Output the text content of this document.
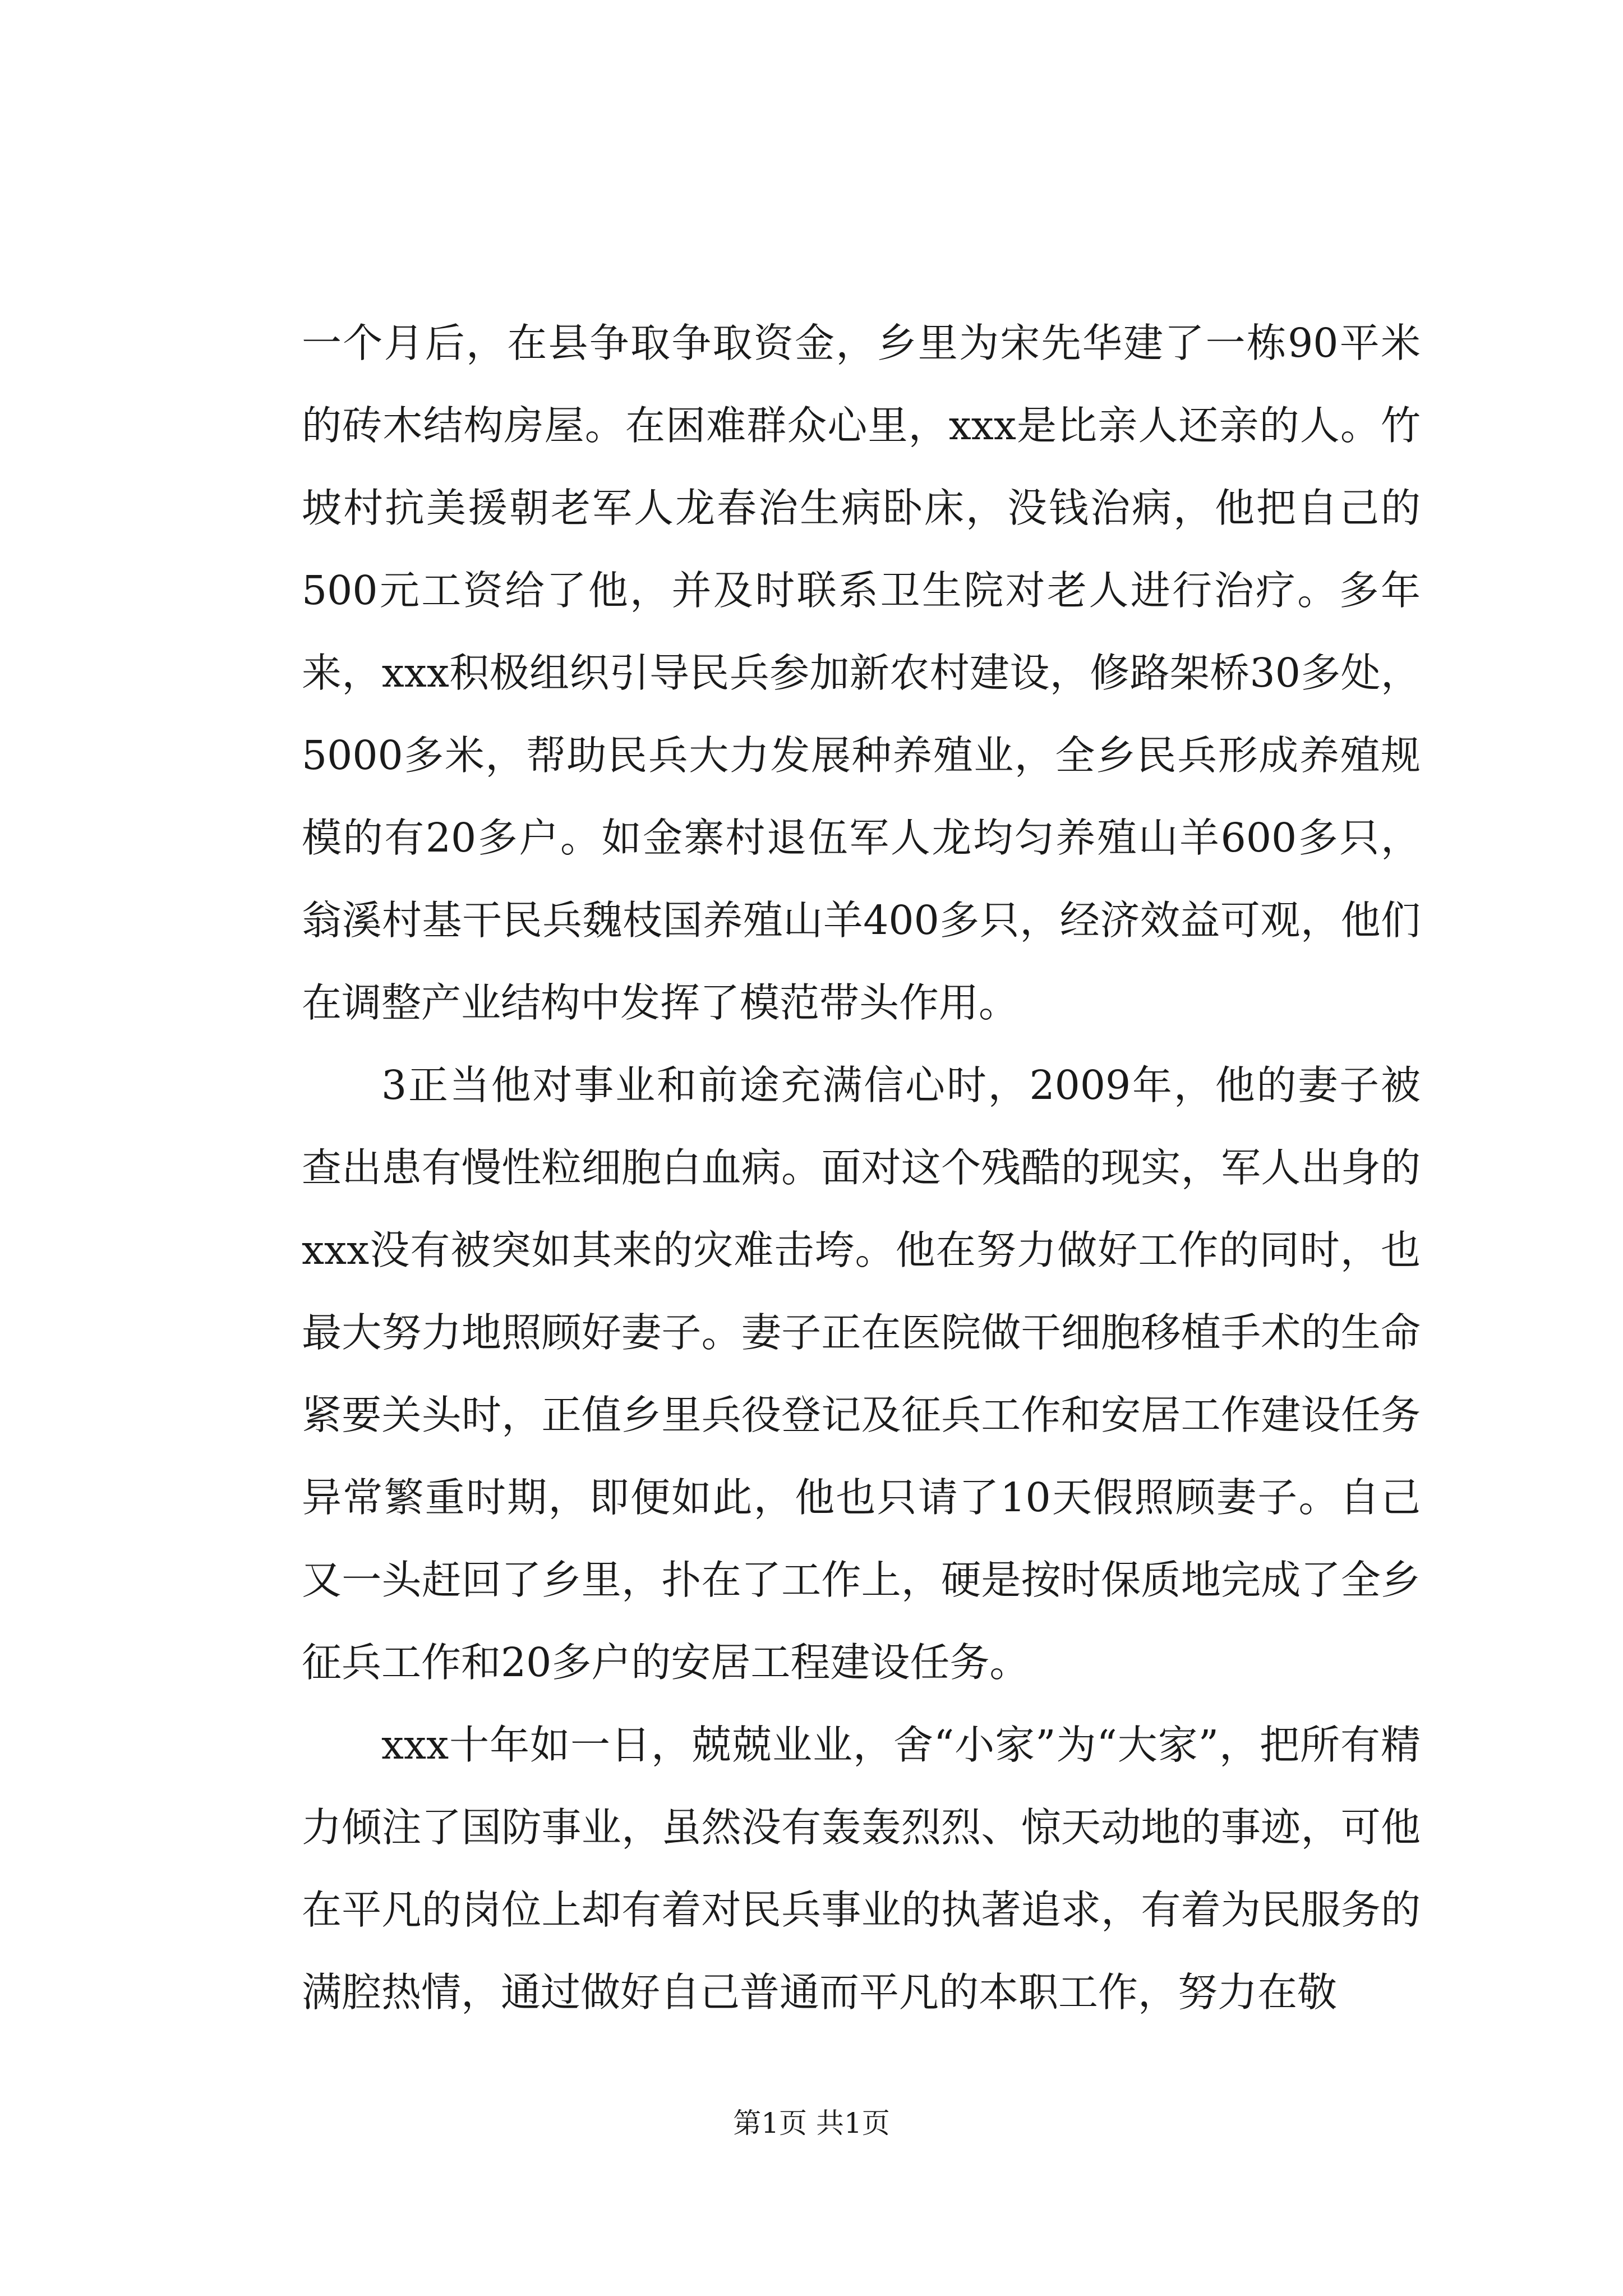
一个月后，在县争取争取资金，乡里为宋先华建了一栋90平米的砖木结构房屋。在困难群众心里，xxx是比亲人还亲的人。竹坡村抗美援朝老军人龙春治生病卧床，没钱治病，他把自己的500元工资给了他，并及时联系卫生院对老人进行治疗。多年来，xxx积极组织引导民兵参加新农村建设，修路架桥30多处，5000多米，帮助民兵大力发展种养殖业，全乡民兵形成养殖规模的有20多户。如金寨村退伍军人龙均匀养殖山羊600多只，翁溪村基干民兵魏枝国养殖山羊400多只，经济效益可观，他们在调整产业结构中发挥了模范带头作用。

3正当他对事业和前途充满信心时，2009年，他的妻子被查出患有慢性粒细胞白血病。面对这个残酷的现实，军人出身的xxx没有被突如其来的灾难击垮。他在努力做好工作的同时，也最大努力地照顾好妻子。妻子正在医院做干细胞移植手术的生命紧要关头时，正值乡里兵役登记及征兵工作和安居工作建设任务异常繁重时期，即便如此，他也只请了10天假照顾妻子。自己又一头赶回了乡里，扑在了工作上，硬是按时保质地完成了全乡征兵工作和20多户的安居工程建设任务。

xxx十年如一日，兢兢业业，舍“小家”为“大家”，把所有精力倾注了国防事业，虽然没有轰轰烈烈、惊天动地的事迹，可他在平凡的岗位上却有着对民兵事业的执著追求，有着为民服务的满腔热情，通过做好自己普通而平凡的本职工作，努力在敬

第1页 共1页
